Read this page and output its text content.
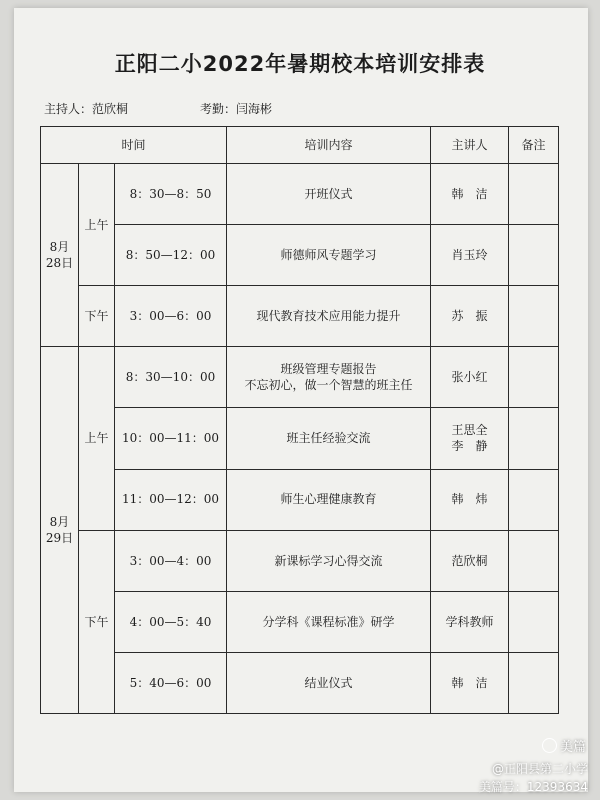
正阳二小2022年暑期校本培训安排表
主持人：范欣桐	考勤：闫海彬
时间			培训内容	主讲人	备注

8月
28日	上午	8：30—8：50	开班仪式	韩　洁	

		8：50—12：00	师德师风专题学习	肖玉玲	

	下午	3：00—6：00	现代教育技术应用能力提升	苏　振	

8月
29日	上午	8：30—10：00	班级管理专题报告
不忘初心，做一个智慧的班主任	张小红	

		10：00—11：00	班主任经验交流	王思全
李　静	

		11：00—12：00	师生心理健康教育	韩　炜	

	下午	3：00—4：00	新课标学习心得交流	范欣桐	

		4：00—5：40	分学科《课程标准》研学	学科教师	

		5：40—6：00	结业仪式	韩　洁	

美篇
@正阳县第二小学
美篇号：12393634
